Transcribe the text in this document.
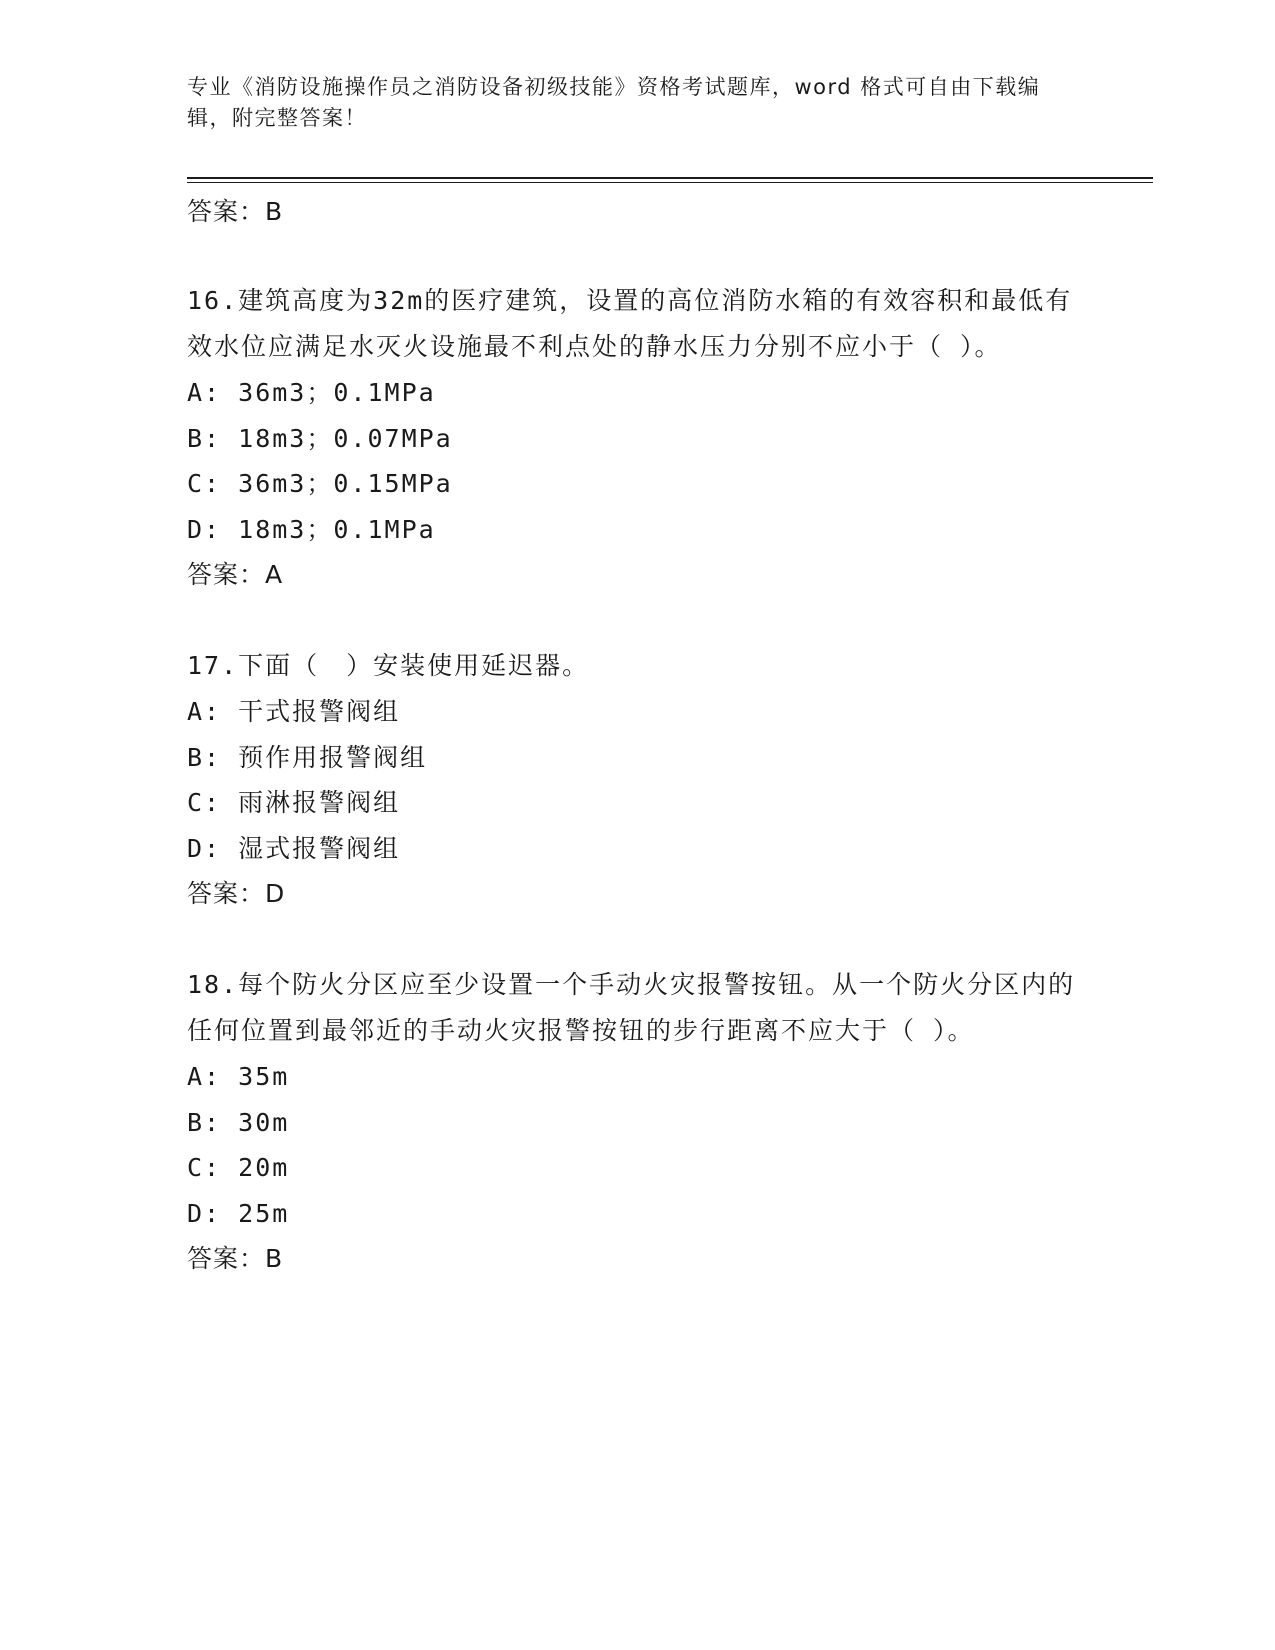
专业《消防设施操作员之消防设备初级技能》资格考试题库，word 格式可自由下载编辑，附完整答案！
答案：B
16.建筑高度为32m的医疗建筑，设置的高位消防水箱的有效容积和最低有效水位应满足水灭火设施最不利点处的静水压力分别不应小于（ ）。
A: 36m3；0.1MPa
B: 18m3；0.07MPa
C: 36m3；0.15MPa
D: 18m3；0.1MPa
答案：A
17.下面（　）安装使用延迟器。
A: 干式报警阀组
B: 预作用报警阀组
C: 雨淋报警阀组
D: 湿式报警阀组
答案：D
18.每个防火分区应至少设置一个手动火灾报警按钮。从一个防火分区内的任何位置到最邻近的手动火灾报警按钮的步行距离不应大于（ ）。
A: 35m
B: 30m
C: 20m
D: 25m
答案：B
